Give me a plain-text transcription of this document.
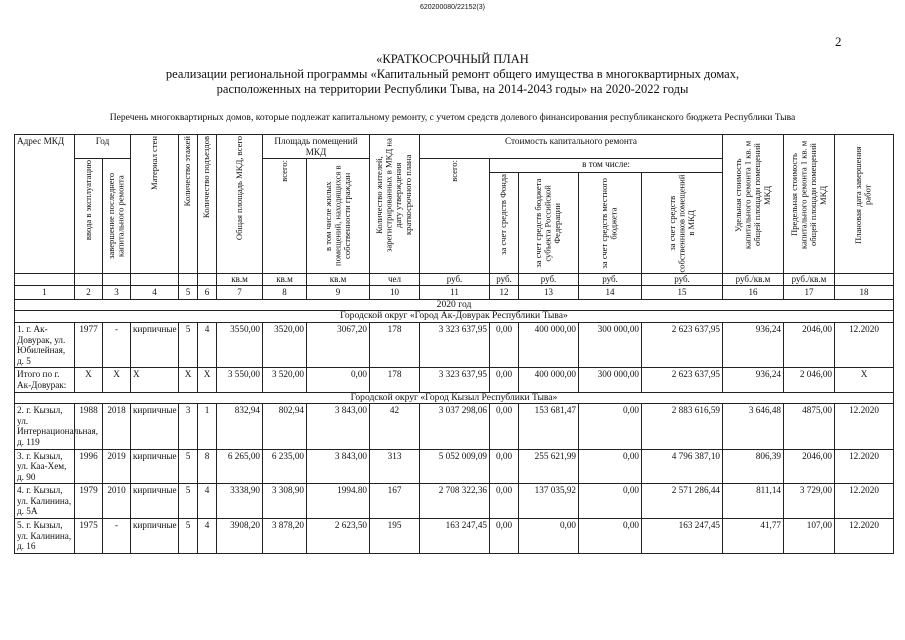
620200080/22152(3)
2
«КРАТКОСРОЧНЫЙ ПЛАН
реализации региональной программы «Капитальный ремонт общего имущества в многоквартирных домах,
расположенных на территории Республики Тыва, на 2014-2043 годы» на 2020-2022 годы
Перечень многоквартирных домов, которые подлежат капитальному ремонту, с учетом средств долевого финансирования республиканского бюджета Республики Тыва
Адрес МКД	Год		Материал стен	Количество этажей	Количество подъездов	Общая площадь МКД, всего	Площадь помещений МКД		Количество жителей, зарегистрированных в МКД на дату утверждения краткосрочного плана	Стоимость капитального ремонта					Удельная стоимость капитального ремонта 1 кв. м общей площади помещений МКД	Предельная стоимость капитального ремонта 1 кв. м общей площади помещений МКД	Плановая дата завершения работ

	ввода в эксплуатацию	завершение последнего капитального ремонта					всего:	в том числе жилых помещений, находящихся в собственности граждан		всего:	в том числе:						

											за счет средств Фонда	за счет средств бюджета субъекта Российской Федерации	за счет средств местного бюджета	за счет средств собственников помещений в МКД			

						кв.м	кв.м	кв.м	чел	руб.	руб.	руб.	руб.	руб.	руб./кв.м	руб./кв.м	
1	2	3	4	5	6	7	8	9	10	11	12	13	14	15	16	17	18
2020 год																	
Городской округ «Город Ак-Довурак Республики Тыва»																	
1. г. Ак-Довурак, ул. Юбилейная, д. 5	1977	-	кирпичные	5	4	3550,00	3520,00	3067,20	178	3 323 637,95	0,00	400 000,00	300 000,00	2 623 637,95	936,24	2046,00	12.2020
Итого по г. Ак-Довурак:	Х	Х	Х	Х	Х	3 550,00	3 520,00	0,00	178	3 323 637,95	0,00	400 000,00	300 000,00	2 623 637,95	936,24	2 046,00	Х
Городской округ «Город Кызыл Республики Тыва»																	
2. г. Кызыл, ул. Интернациональная, д. 119	1988	2018	кирпичные	3	1	832,94	802,94	3 843,00	42	3 037 298,06	0,00	153 681,47	0,00	2 883 616,59	3 646,48	4875,00	12.2020
3. г. Кызыл, ул. Каа-Хем, д. 90	1996	2019	кирпичные	5	8	6 265,00	6 235,00	3 843,00	313	5 052 009,09	0,00	255 621,99	0,00	4 796 387,10	806,39	2046,00	12.2020
4. г. Кызыл, ул. Калинина, д. 5А	1979	2010	кирпичные	5	4	3338,90	3 308,90	1994.80	167	2 708 322,36	0,00	137 035,92	0,00	2 571 286,44	811,14	3 729,00	12.2020
5. г. Кызыл, ул. Калинина, д. 16	1975	-	кирпичные	5	4	3908,20	3 878,20	2 623,50	195	163 247,45	0,00	0,00	0,00	163 247,45	41,77	107,00	12.2020
